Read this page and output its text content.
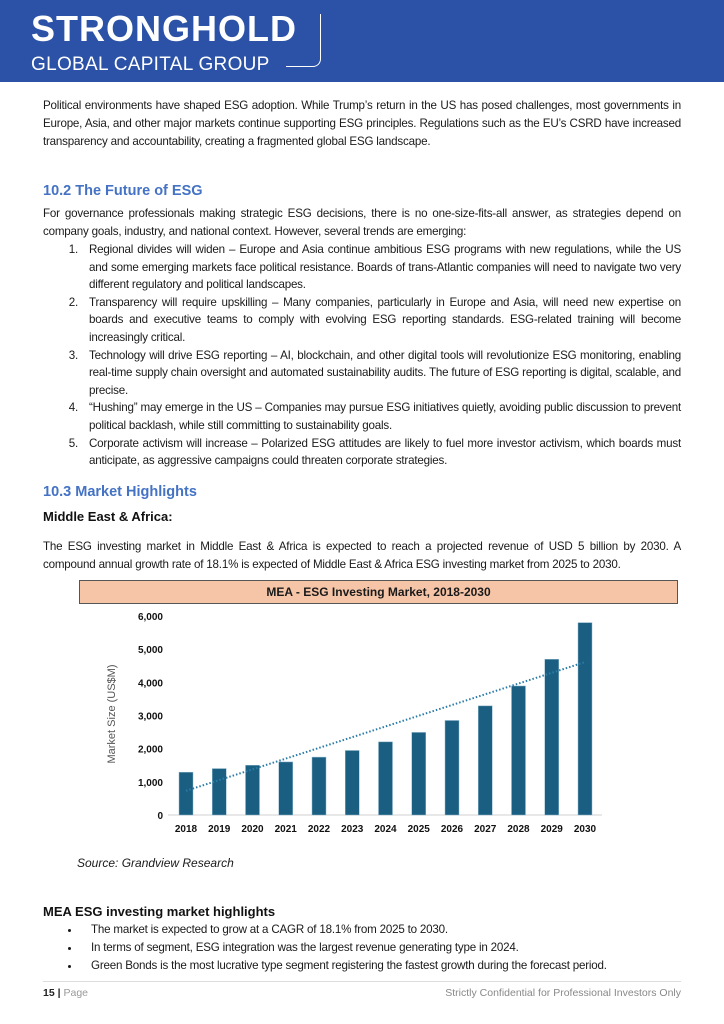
STRONGHOLD
GLOBAL CAPITAL GROUP
Political environments have shaped ESG adoption. While Trump’s return in the US has posed challenges, most governments in Europe, Asia, and other major markets continue supporting ESG principles. Regulations such as the EU’s CSRD have increased transparency and accountability, creating a fragmented global ESG landscape.
10.2 The Future of ESG
For governance professionals making strategic ESG decisions, there is no one-size-fits-all answer, as strategies depend on company goals, industry, and national context. However, several trends are emerging:
1. Regional divides will widen – Europe and Asia continue ambitious ESG programs with new regulations, while the US and some emerging markets face political resistance. Boards of trans-Atlantic companies will need to navigate two very different regulatory and political landscapes.
2. Transparency will require upskilling – Many companies, particularly in Europe and Asia, will need new expertise on boards and executive teams to comply with evolving ESG reporting standards. ESG-related training will become increasingly critical.
3. Technology will drive ESG reporting – AI, blockchain, and other digital tools will revolutionize ESG monitoring, enabling real-time supply chain oversight and automated sustainability audits. The future of ESG reporting is digital, scalable, and precise.
4. “Hushing” may emerge in the US – Companies may pursue ESG initiatives quietly, avoiding public discussion to prevent political backlash, while still committing to sustainability goals.
5. Corporate activism will increase – Polarized ESG attitudes are likely to fuel more investor activism, which boards must anticipate, as aggressive campaigns could threaten corporate strategies.
10.3 Market Highlights
Middle East & Africa:
The ESG investing market in Middle East & Africa is expected to reach a projected revenue of USD 5 billion by 2030. A compound annual growth rate of 18.1% is expected of Middle East & Africa ESG investing market from 2025 to 2030.
MEA - ESG Investing Market, 2018-2030
0
1,000
2,000
3,000
4,000
5,000
6,000
Market Size (US$M)
2018 2019 2020 2021 2022 2023 2024 2025 2026 2027 2028 2029 2030
Source: Grandview Research
MEA ESG investing market highlights
• The market is expected to grow at a CAGR of 18.1% from 2025 to 2030.
• In terms of segment, ESG integration was the largest revenue generating type in 2024.
• Green Bonds is the most lucrative type segment registering the fastest growth during the forecast period.
15 | Page	Strictly Confidential for Professional Investors Only
